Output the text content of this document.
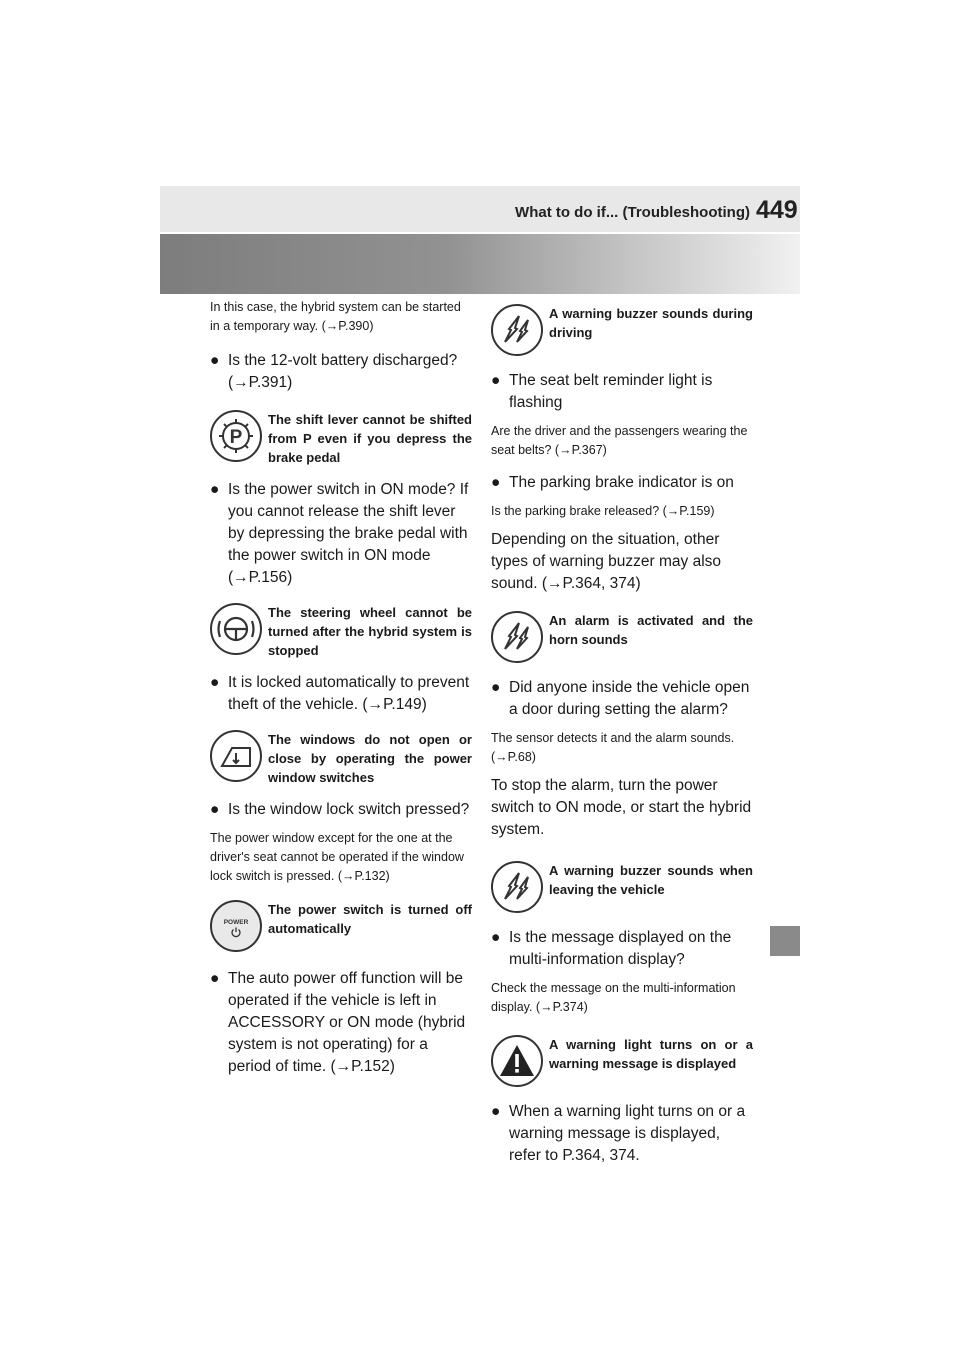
What to do if... (Troubleshooting) 449

In this case, the hybrid system can be started in a temporary way. (→P.390)

● Is the 12-volt battery discharged? (→P.391)

P
The shift lever cannot be shifted from P even if you depress the brake pedal

● Is the power switch in ON mode? If you cannot release the shift lever by depressing the brake pedal with the power switch in ON mode (→P.156)

The steering wheel cannot be turned after the hybrid system is stopped

● It is locked automatically to prevent theft of the vehicle. (→P.149)

The windows do not open or close by operating the power window switches

● Is the window lock switch pressed?

The power window except for the one at the driver's seat cannot be operated if the window lock switch is pressed. (→P.132)

POWER
The power switch is turned off automatically

● The auto power off function will be operated if the vehicle is left in ACCESSORY or ON mode (hybrid system is not operating) for a period of time. (→P.152)

A warning buzzer sounds during driving

● The seat belt reminder light is flashing

Are the driver and the passengers wearing the seat belts? (→P.367)

● The parking brake indicator is on

Is the parking brake released? (→P.159)

Depending on the situation, other types of warning buzzer may also sound. (→P.364, 374)

An alarm is activated and the horn sounds

● Did anyone inside the vehicle open a door during setting the alarm?

The sensor detects it and the alarm sounds. (→P.68)

To stop the alarm, turn the power switch to ON mode, or start the hybrid system.

A warning buzzer sounds when leaving the vehicle

● Is the message displayed on the multi-information display?

Check the message on the multi-information display. (→P.374)

A warning light turns on or a warning message is displayed

● When a warning light turns on or a warning message is displayed, refer to P.364, 374.
